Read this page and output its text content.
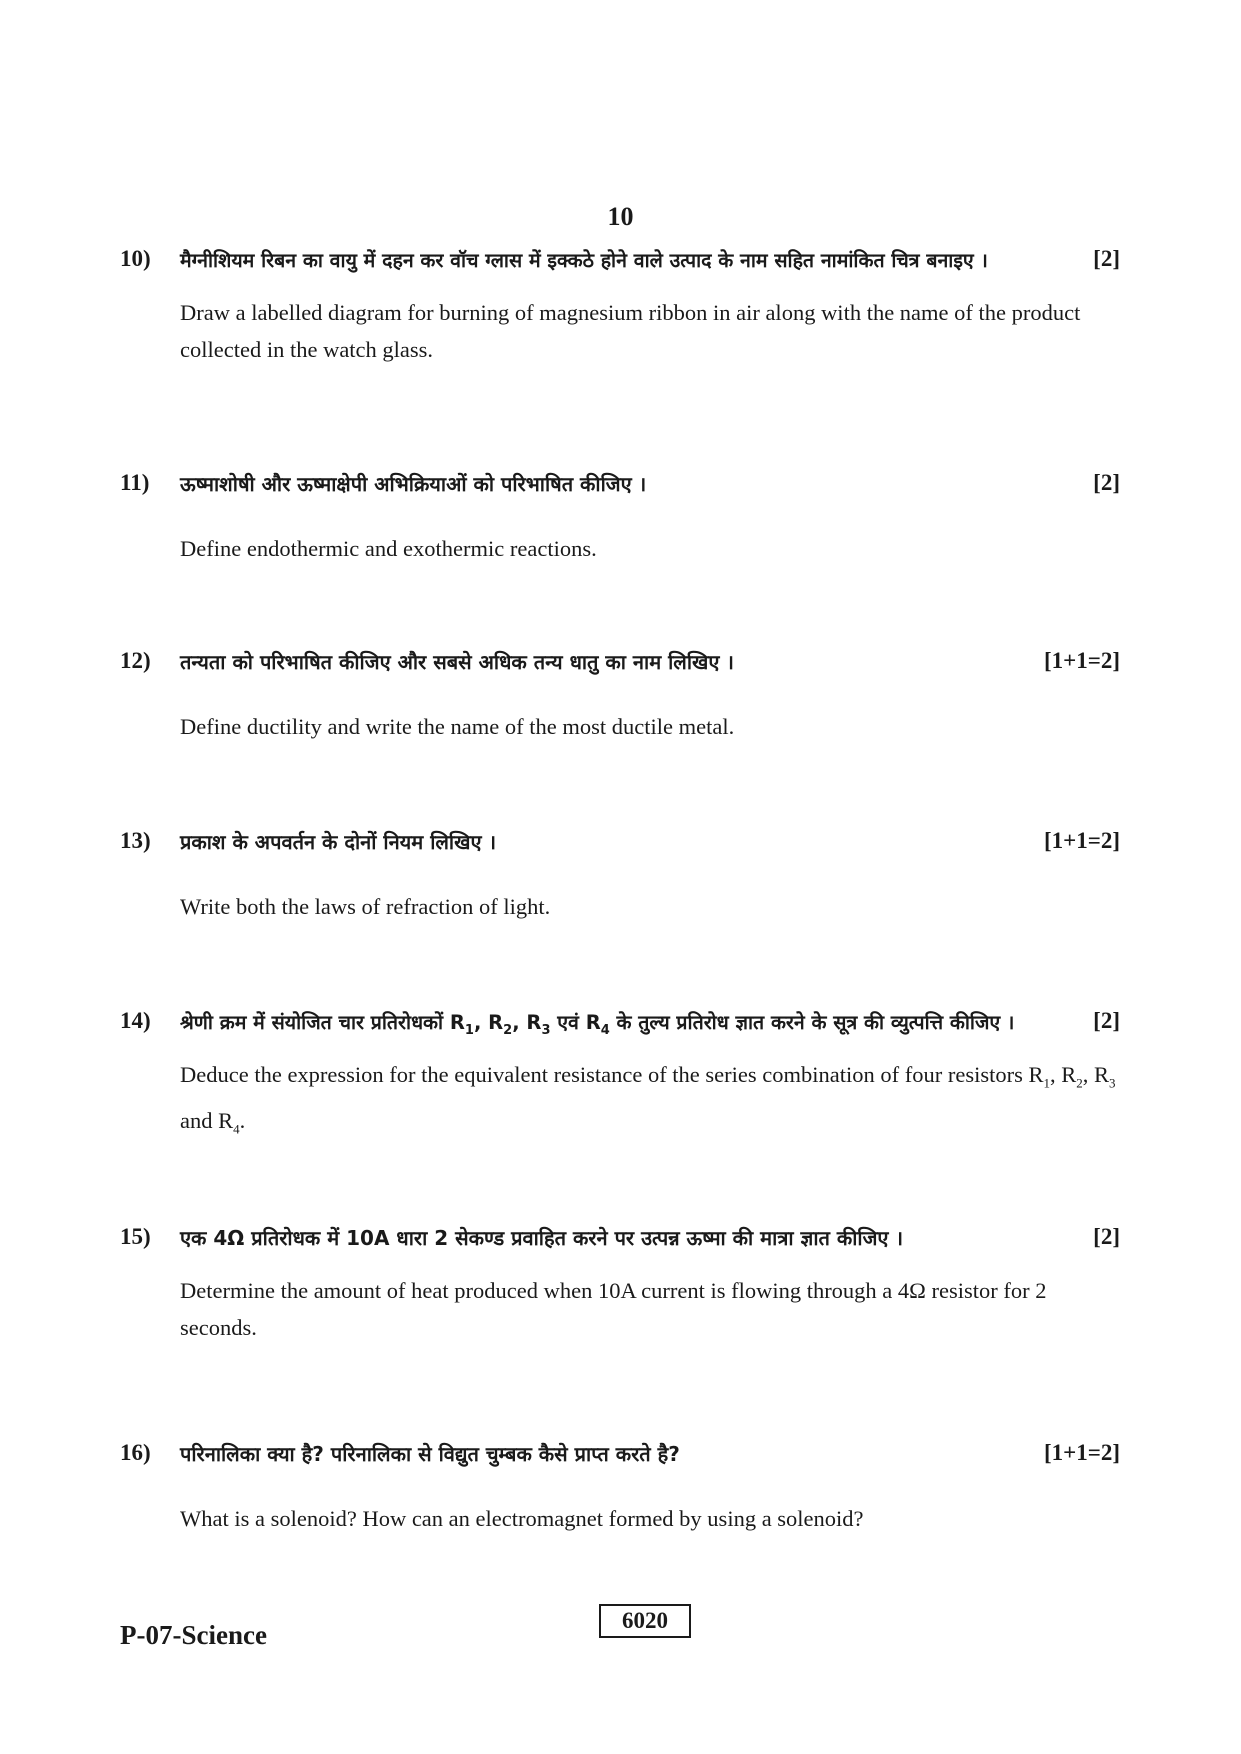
10
10) मैग्नीशियम रिबन का वायु में दहन कर वॉच ग्लास में इक्कठे होने वाले उत्पाद के नाम सहित नामांकित चित्र बनाइए ।	[2]
Draw a labelled diagram for burning of magnesium ribbon in air along with the name of the product collected in the watch glass.
11) ऊष्माशोषी और ऊष्माक्षेपी अभिक्रियाओं को परिभाषित कीजिए ।	[2]
Define endothermic and exothermic reactions.
12) तन्यता को परिभाषित कीजिए और सबसे अधिक तन्य धातु का नाम लिखिए ।	[1+1=2]
Define ductility and write the name of the most ductile metal.
13) प्रकाश के अपवर्तन के दोनों नियम लिखिए ।	[1+1=2]
Write both the laws of refraction of light.
14) श्रेणी क्रम में संयोजित चार प्रतिरोधकों $R_1$, $R_2$, $R_3$ एवं $R_4$ के तुल्य प्रतिरोध ज्ञात करने के सूत्र की व्युत्पत्ति कीजिए ।	[2]
Deduce the expression for the equivalent resistance of the series combination of four resistors $R_1$, $R_2$, $R_3$ and $R_4$.
15) एक 4Ω प्रतिरोधक में 10A धारा 2 सेकण्ड प्रवाहित करने पर उत्पन्न ऊष्मा की मात्रा ज्ञात कीजिए ।	[2]
Determine the amount of heat produced when 10A current is flowing through a 4Ω resistor for 2 seconds.
16) परिनालिका क्या है? परिनालिका से विद्युत चुम्बक कैसे प्राप्त करते है?	[1+1=2]
What is a solenoid? How can an electromagnet formed by using a solenoid?
P-07-Science	6020
